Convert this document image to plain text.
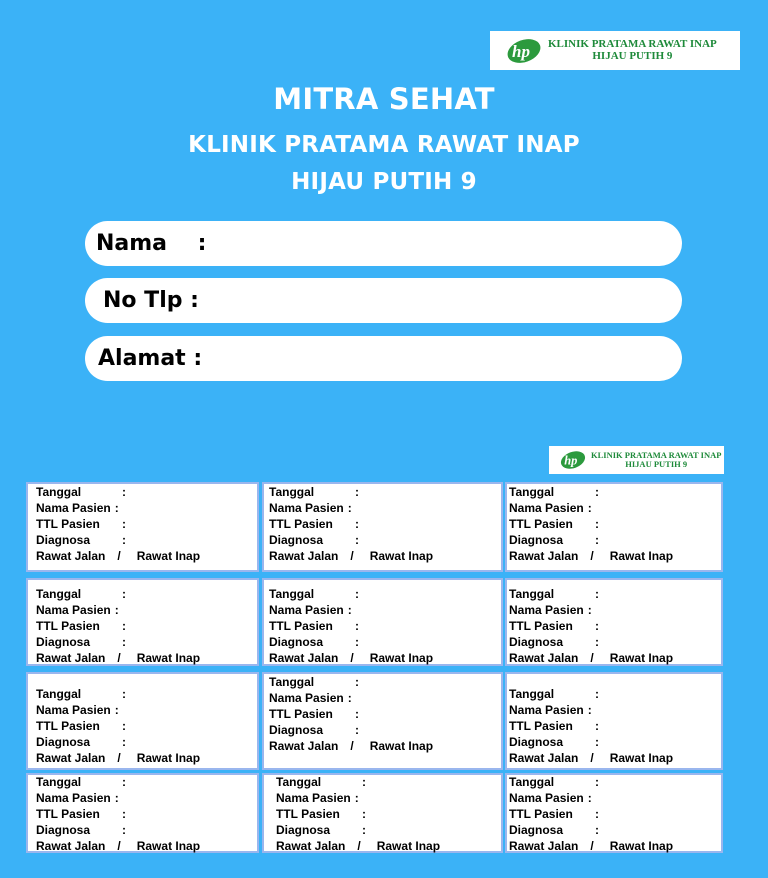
hp KLINIK PRATAMA RAWAT INAP
HIJAU PUTIH 9
MITRA SEHAT
KLINIK PRATAMA RAWAT INAP
HIJAU PUTIH 9
Nama    :
No Tlp :
Alamat :
hp KLINIK PRATAMA RAWAT INAP
HIJAU PUTIH 9
Tanggal	:
Nama Pasien :
TTL Pasien	:
Diagnosa	:
Rawat Jalan / Rawat Inap
Tanggal	:
Nama Pasien :
TTL Pasien	:
Diagnosa	:
Rawat Jalan / Rawat Inap
Tanggal	:
Nama Pasien :
TTL Pasien	:
Diagnosa	:
Rawat Jalan / Rawat Inap
Tanggal	:
Nama Pasien :
TTL Pasien	:
Diagnosa	:
Rawat Jalan / Rawat Inap
Tanggal	:
Nama Pasien :
TTL Pasien	:
Diagnosa	:
Rawat Jalan / Rawat Inap
Tanggal	:
Nama Pasien :
TTL Pasien	:
Diagnosa	:
Rawat Jalan / Rawat Inap
Tanggal	:
Nama Pasien :
TTL Pasien	:
Diagnosa	:
Rawat Jalan / Rawat Inap
Tanggal	:
Nama Pasien :
TTL Pasien	:
Diagnosa	:
Rawat Jalan / Rawat Inap
Tanggal	:
Nama Pasien :
TTL Pasien	:
Diagnosa	:
Rawat Jalan / Rawat Inap
Tanggal	:
Nama Pasien :
TTL Pasien	:
Diagnosa	:
Rawat Jalan / Rawat Inap
Tanggal	:
Nama Pasien :
TTL Pasien	:
Diagnosa	:
Rawat Jalan / Rawat Inap
Tanggal	:
Nama Pasien :
TTL Pasien	:
Diagnosa	:
Rawat Jalan / Rawat Inap
